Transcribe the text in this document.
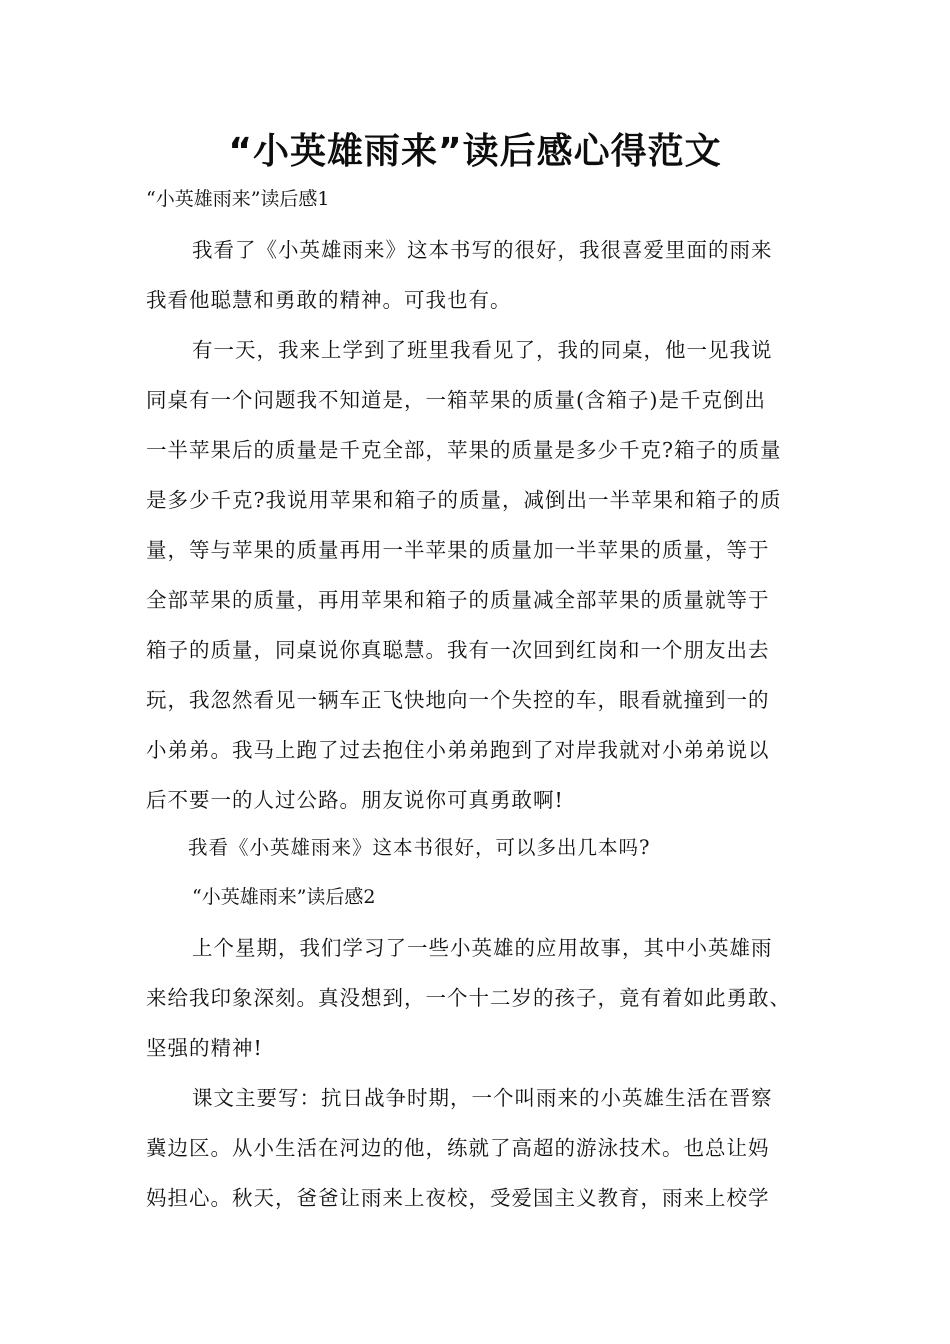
“小英雄雨来”读后感心得范文
“小英雄雨来”读后感1
我看了《小英雄雨来》这本书写的很好，我很喜爱里面的雨来
我看他聪慧和勇敢的精神。可我也有。
有一天，我来上学到了班里我看见了，我的同桌，他一见我说
同桌有一个问题我不知道是，一箱苹果的质量(含箱子)是千克倒出
一半苹果后的质量是千克全部，苹果的质量是多少千克?箱子的质量
是多少千克?我说用苹果和箱子的质量，减倒出一半苹果和箱子的质
量，等与苹果的质量再用一半苹果的质量加一半苹果的质量，等于
全部苹果的质量，再用苹果和箱子的质量减全部苹果的质量就等于
箱子的质量，同桌说你真聪慧。我有一次回到红岗和一个朋友出去
玩，我忽然看见一辆车正飞快地向一个失控的车，眼看就撞到一的
小弟弟。我马上跑了过去抱住小弟弟跑到了对岸我就对小弟弟说以
后不要一的人过公路。朋友说你可真勇敢啊!
我看《小英雄雨来》这本书很好，可以多出几本吗?
“小英雄雨来”读后感2
上个星期，我们学习了一些小英雄的应用故事，其中小英雄雨
来给我印象深刻。真没想到，一个十二岁的孩子，竟有着如此勇敢、
坚强的精神!
课文主要写：抗日战争时期，一个叫雨来的小英雄生活在晋察
冀边区。从小生活在河边的他，练就了高超的游泳技术。也总让妈
妈担心。秋天，爸爸让雨来上夜校，受爱国主义教育，雨来上校学
